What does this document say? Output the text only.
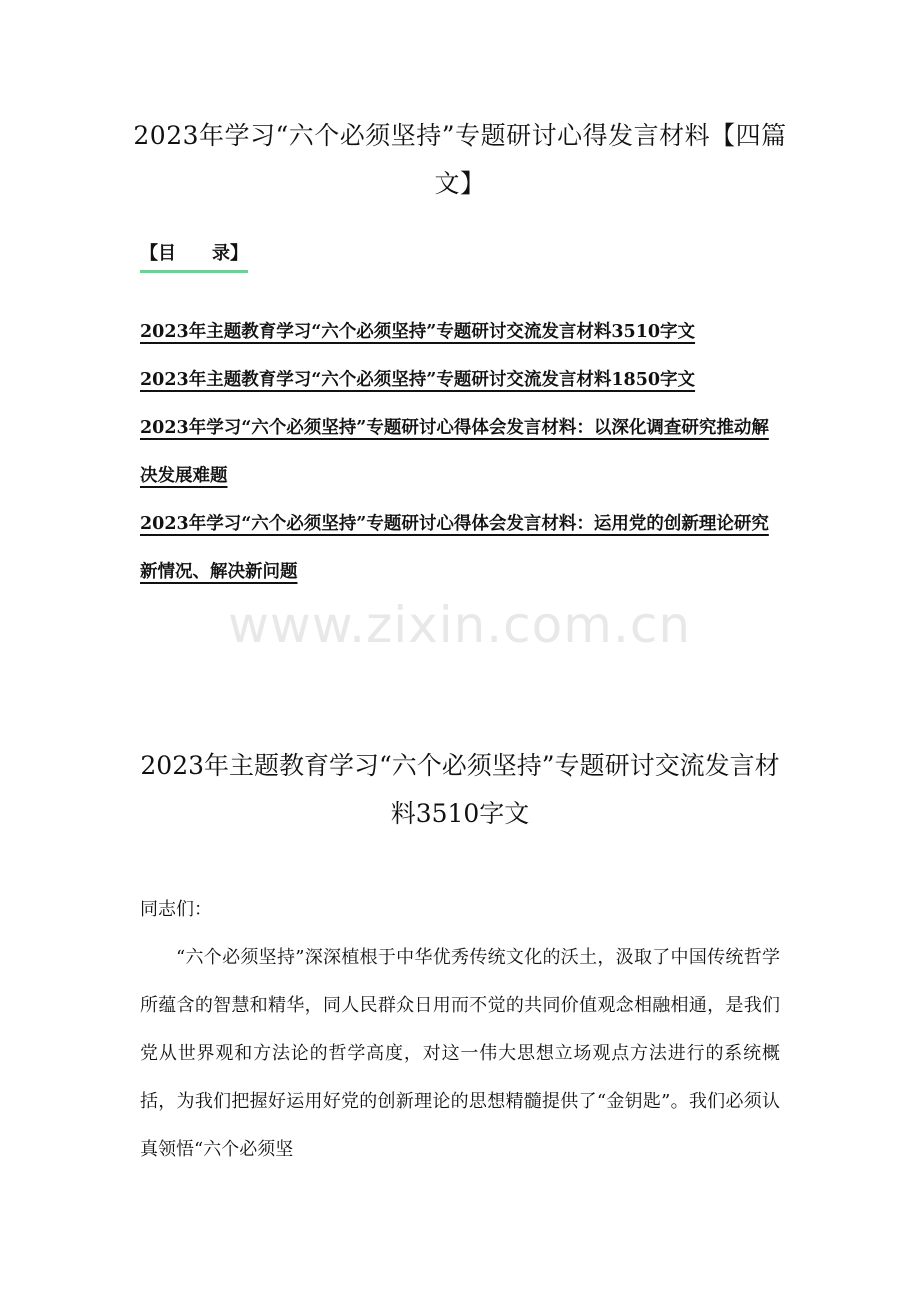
2023年学习“六个必须坚持”专题研讨心得发言材料【四篇文】
【目　　录】
2023年主题教育学习“六个必须坚持”专题研讨交流发言材料3510字文
2023年主题教育学习“六个必须坚持”专题研讨交流发言材料1850字文
2023年学习“六个必须坚持”专题研讨心得体会发言材料：以深化调查研究推动解决发展难题
2023年学习“六个必须坚持”专题研讨心得体会发言材料：运用党的创新理论研究新情况、解决新问题
www.zixin.com.cn
2023年主题教育学习“六个必须坚持”专题研讨交流发言材料3510字文

同志们：

“六个必须坚持”深深植根于中华优秀传统文化的沃土，汲取了中国传统哲学所蕴含的智慧和精华，同人民群众日用而不觉的共同价值观念相融相通，是我们党从世界观和方法论的哲学高度，对这一伟大思想立场观点方法进行的系统概括，为我们把握好运用好党的创新理论的思想精髓提供了“金钥匙”。我们必须认真领悟“六个必须坚
